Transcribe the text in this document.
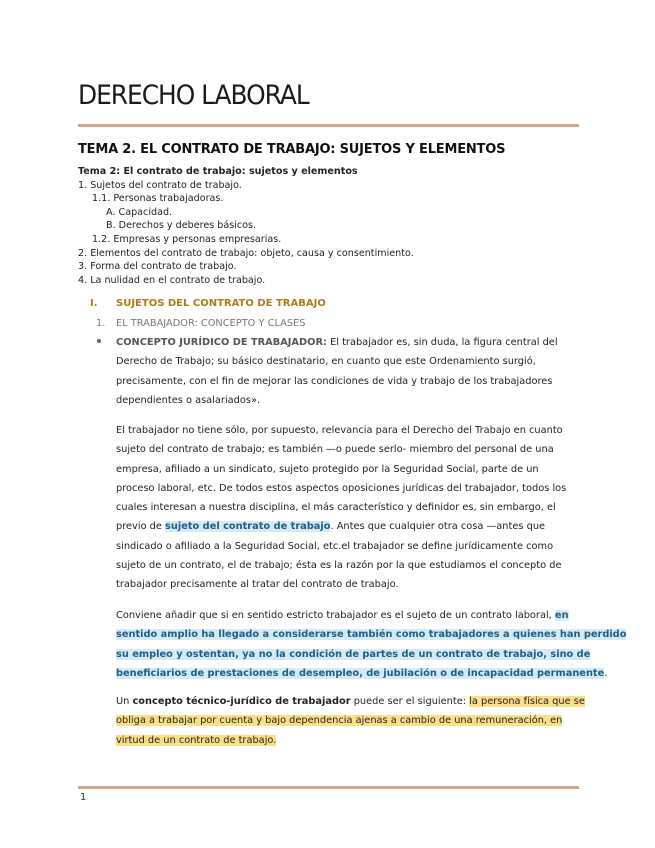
DERECHO LABORAL
TEMA 2. EL CONTRATO DE TRABAJO: SUJETOS Y ELEMENTOS
Tema 2: El contrato de trabajo: sujetos y elementos
1. Sujetos del contrato de trabajo.
1.1. Personas trabajadoras.
A. Capacidad.
B. Derechos y deberes básicos.
1.2. Empresas y personas empresarias.
2. Elementos del contrato de trabajo: objeto, causa y consentimiento.
3. Forma del contrato de trabajo.
4. La nulidad en el contrato de trabajo.
I. SUJETOS DEL CONTRATO DE TRABAJO
1. EL TRABAJADOR: CONCEPTO Y CLASES
CONCEPTO JURÍDICO DE TRABAJADOR: El trabajador es, sin duda, la figura central del
Derecho de Trabajo; su básico destinatario, en cuanto que este Ordenamiento surgió,
precisamente, con el fin de mejorar las condiciones de vida y trabajo de los trabajadores
dependientes o asalariados».
El trabajador no tiene sólo, por supuesto, relevancia para el Derecho del Trabajo en cuanto
sujeto del contrato de trabajo; es también —o puede serlo- miembro del personal de una
empresa, afiliado a un sindicato, sujeto protegido por la Seguridad Social, parte de un
proceso laboral, etc. De todos estos aspectos oposiciones jurídicas del trabajador, todos los
cuales interesan a nuestra disciplina, el más característico y definidor es, sin embargo, el
previo de sujeto del contrato de trabajo. Antes que cualquier otra cosa —antes que
sindicado o afiliado a la Seguridad Social, etc.el trabajador se define jurídicamente como
sujeto de un contrato, el de trabajo; ésta es la razón por la que estudiamos el concepto de
trabajador precisamente al tratar del contrato de trabajo.
Conviene añadir que si en sentido estricto trabajador es el sujeto de un contrato laboral, en
sentido amplio ha llegado a considerarse también como trabajadores a quienes han perdido
su empleo y ostentan, ya no la condición de partes de un contrato de trabajo, sino de
beneficiarios de prestaciones de desempleo, de jubilación o de incapacidad permanente.
Un concepto técnico-jurídico de trabajador puede ser el siguiente: la persona física que se
obliga a trabajar por cuenta y bajo dependencia ajenas a cambio de una remuneración, en
virtud de un contrato de trabajo.
1
